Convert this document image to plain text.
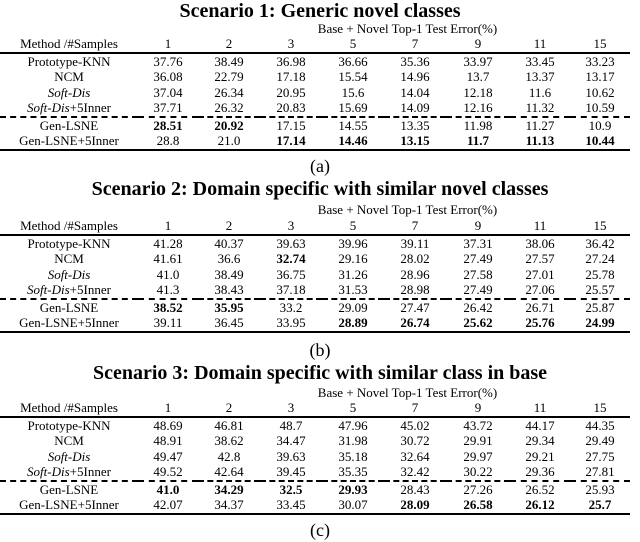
Scenario 1: Generic novel classes
Base + Novel Top-1 Test Error(%)
Method /#Samples	1	2	3	5	7	9	11	15
Prototype-KNN	37.76	38.49	36.98	36.66	35.36	33.97	33.45	33.23
NCM	36.08	22.79	17.18	15.54	14.96	13.7	13.37	13.17
Soft-Dis	37.04	26.34	20.95	15.6	14.04	12.18	11.6	10.62
Soft-Dis+5Inner	37.71	26.32	20.83	15.69	14.09	12.16	11.32	10.59
Gen-LSNE	28.51	20.92	17.15	14.55	13.35	11.98	11.27	10.9
Gen-LSNE+5Inner	28.8	21.0	17.14	14.46	13.15	11.7	11.13	10.44
(a)
Scenario 2: Domain specific with similar novel classes
Base + Novel Top-1 Test Error(%)
Method /#Samples	1	2	3	5	7	9	11	15
Prototype-KNN	41.28	40.37	39.63	39.96	39.11	37.31	38.06	36.42
NCM	41.61	36.6	32.74	29.16	28.02	27.49	27.57	27.24
Soft-Dis	41.0	38.49	36.75	31.26	28.96	27.58	27.01	25.78
Soft-Dis+5Inner	41.3	38.43	37.18	31.53	28.98	27.49	27.06	25.57
Gen-LSNE	38.52	35.95	33.2	29.09	27.47	26.42	26.71	25.87
Gen-LSNE+5Inner	39.11	36.45	33.95	28.89	26.74	25.62	25.76	24.99
(b)
Scenario 3: Domain specific with similar class in base
Base + Novel Top-1 Test Error(%)
Method /#Samples	1	2	3	5	7	9	11	15
Prototype-KNN	48.69	46.81	48.7	47.96	45.02	43.72	44.17	44.35
NCM	48.91	38.62	34.47	31.98	30.72	29.91	29.34	29.49
Soft-Dis	49.47	42.8	39.63	35.18	32.64	29.97	29.21	27.75
Soft-Dis+5Inner	49.52	42.64	39.45	35.35	32.42	30.22	29.36	27.81
Gen-LSNE	41.0	34.29	32.5	29.93	28.43	27.26	26.52	25.93
Gen-LSNE+5Inner	42.07	34.37	33.45	30.07	28.09	26.58	26.12	25.7
(c)
